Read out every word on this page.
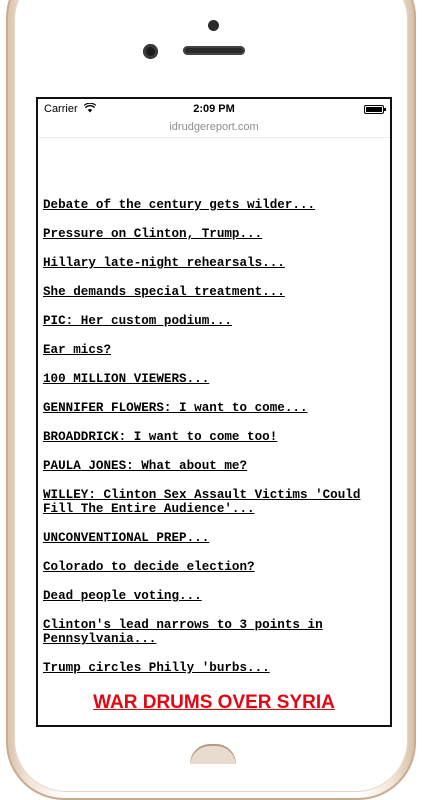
Carrier	2:09 PM
idrudgereport.com
Debate of the century gets wilder...
Pressure on Clinton, Trump...
Hillary late-night rehearsals...
She demands special treatment...
PIC: Her custom podium...
Ear mics?
100 MILLION VIEWERS...
GENNIFER FLOWERS: I want to come...
BROADDRICK: I want to come too!
PAULA JONES: What about me?
WILLEY: Clinton Sex Assault Victims 'Could Fill The Entire Audience'...
UNCONVENTIONAL PREP...
Colorado to decide election?
Dead people voting...
Clinton's lead narrows to 3 points in Pennsylvania...
Trump circles Philly 'burbs...
WAR DRUMS OVER SYRIA
